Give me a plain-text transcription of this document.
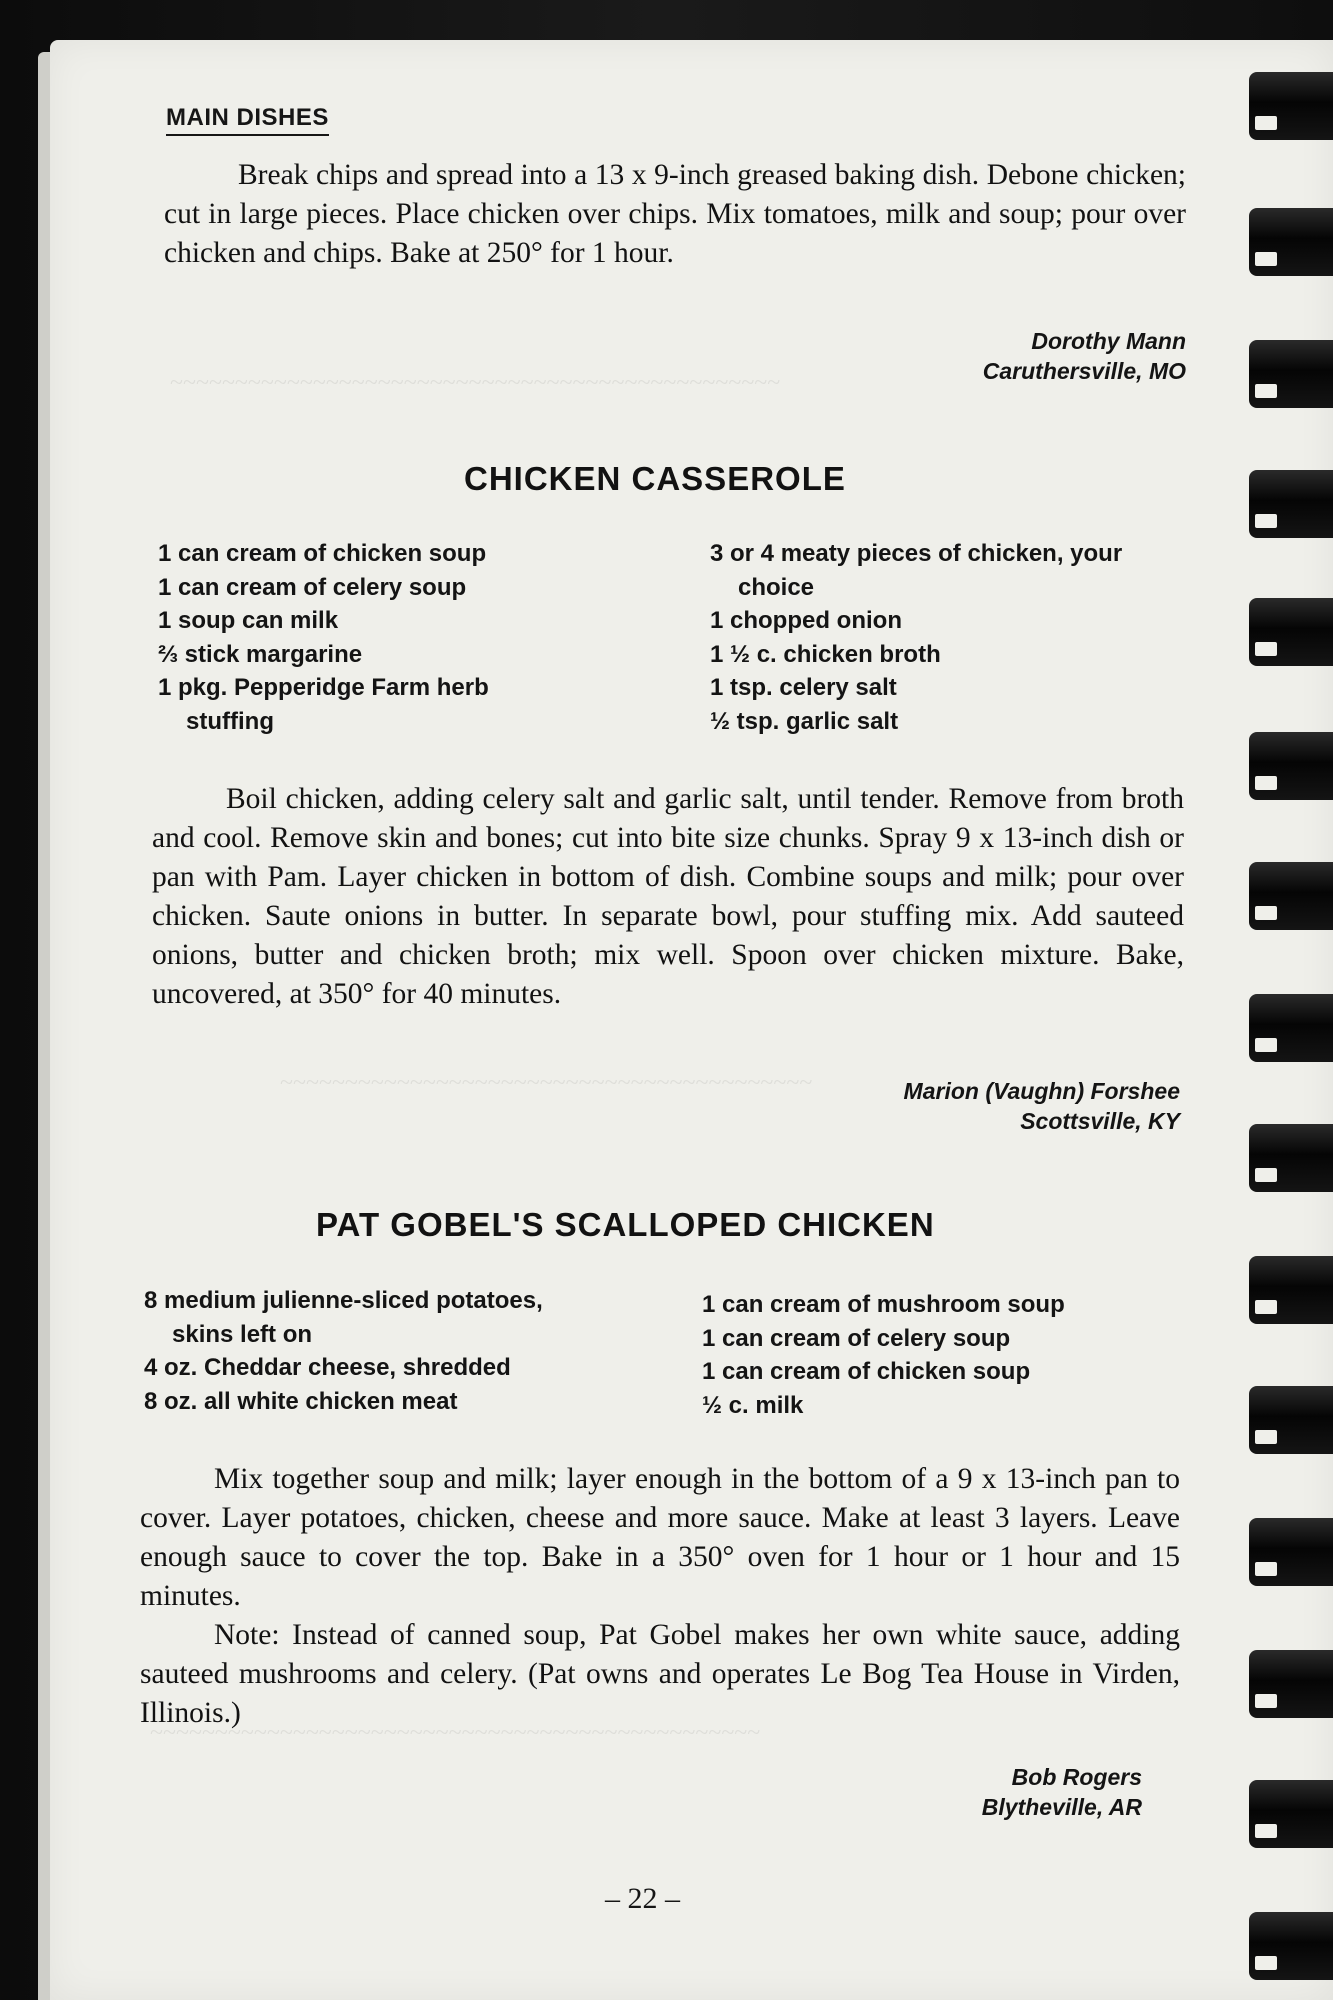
~~~~~~~~~~~~~~~~~~~~~~~~~~~~~~~~~~~~~~~~~~~~~~~
~~~~~~~~~~~~~~~~~~~~~~~~~~~~~~~~~~~~~~~~~
~~~~~~~~~~~~~~~~~~~~~~~~~~~~~~~~~~~~~~~~~~~~~~~
MAIN DISHES

Break chips and spread into a 13 x 9-inch greased baking dish. Debone chicken; cut in large pieces. Place chicken over chips. Mix tomatoes, milk and soup; pour over chicken and chips. Bake at 250° for 1 hour.

Dorothy Mann
Caruthersville, MO
CHICKEN CASSEROLE
1 can cream of chicken soup
1 can cream of celery soup
1 soup can milk
⅔ stick margarine
1 pkg. Pepperidge Farm herb
stuffing
3 or 4 meaty pieces of chicken, your
choice
1 chopped onion
1 ½ c. chicken broth
1 tsp. celery salt
½ tsp. garlic salt

Boil chicken, adding celery salt and garlic salt, until tender. Remove from broth and cool. Remove skin and bones; cut into bite size chunks. Spray 9 x 13-inch dish or pan with Pam. Layer chicken in bottom of dish. Combine soups and milk; pour over chicken. Saute onions in butter. In separate bowl, pour stuffing mix. Add sauteed onions, butter and chicken broth; mix well. Spoon over chicken mixture. Bake, uncovered, at 350° for 40 minutes.

Marion (Vaughn) Forshee
Scottsville, KY
PAT GOBEL'S SCALLOPED CHICKEN
8 medium julienne-sliced potatoes,
skins left on
4 oz. Cheddar cheese, shredded
8 oz. all white chicken meat
1 can cream of mushroom soup
1 can cream of celery soup
1 can cream of chicken soup
½ c. milk

Mix together soup and milk; layer enough in the bottom of a 9 x 13-inch pan to cover. Layer potatoes, chicken, cheese and more sauce. Make at least 3 layers. Leave enough sauce to cover the top. Bake in a 350° oven for 1 hour or 1 hour and 15 minutes.

Note: Instead of canned soup, Pat Gobel makes her own white sauce, adding sauteed mushrooms and celery. (Pat owns and operates Le Bog Tea House in Virden, Illinois.)

Bob Rogers
Blytheville, AR
– 22 –
